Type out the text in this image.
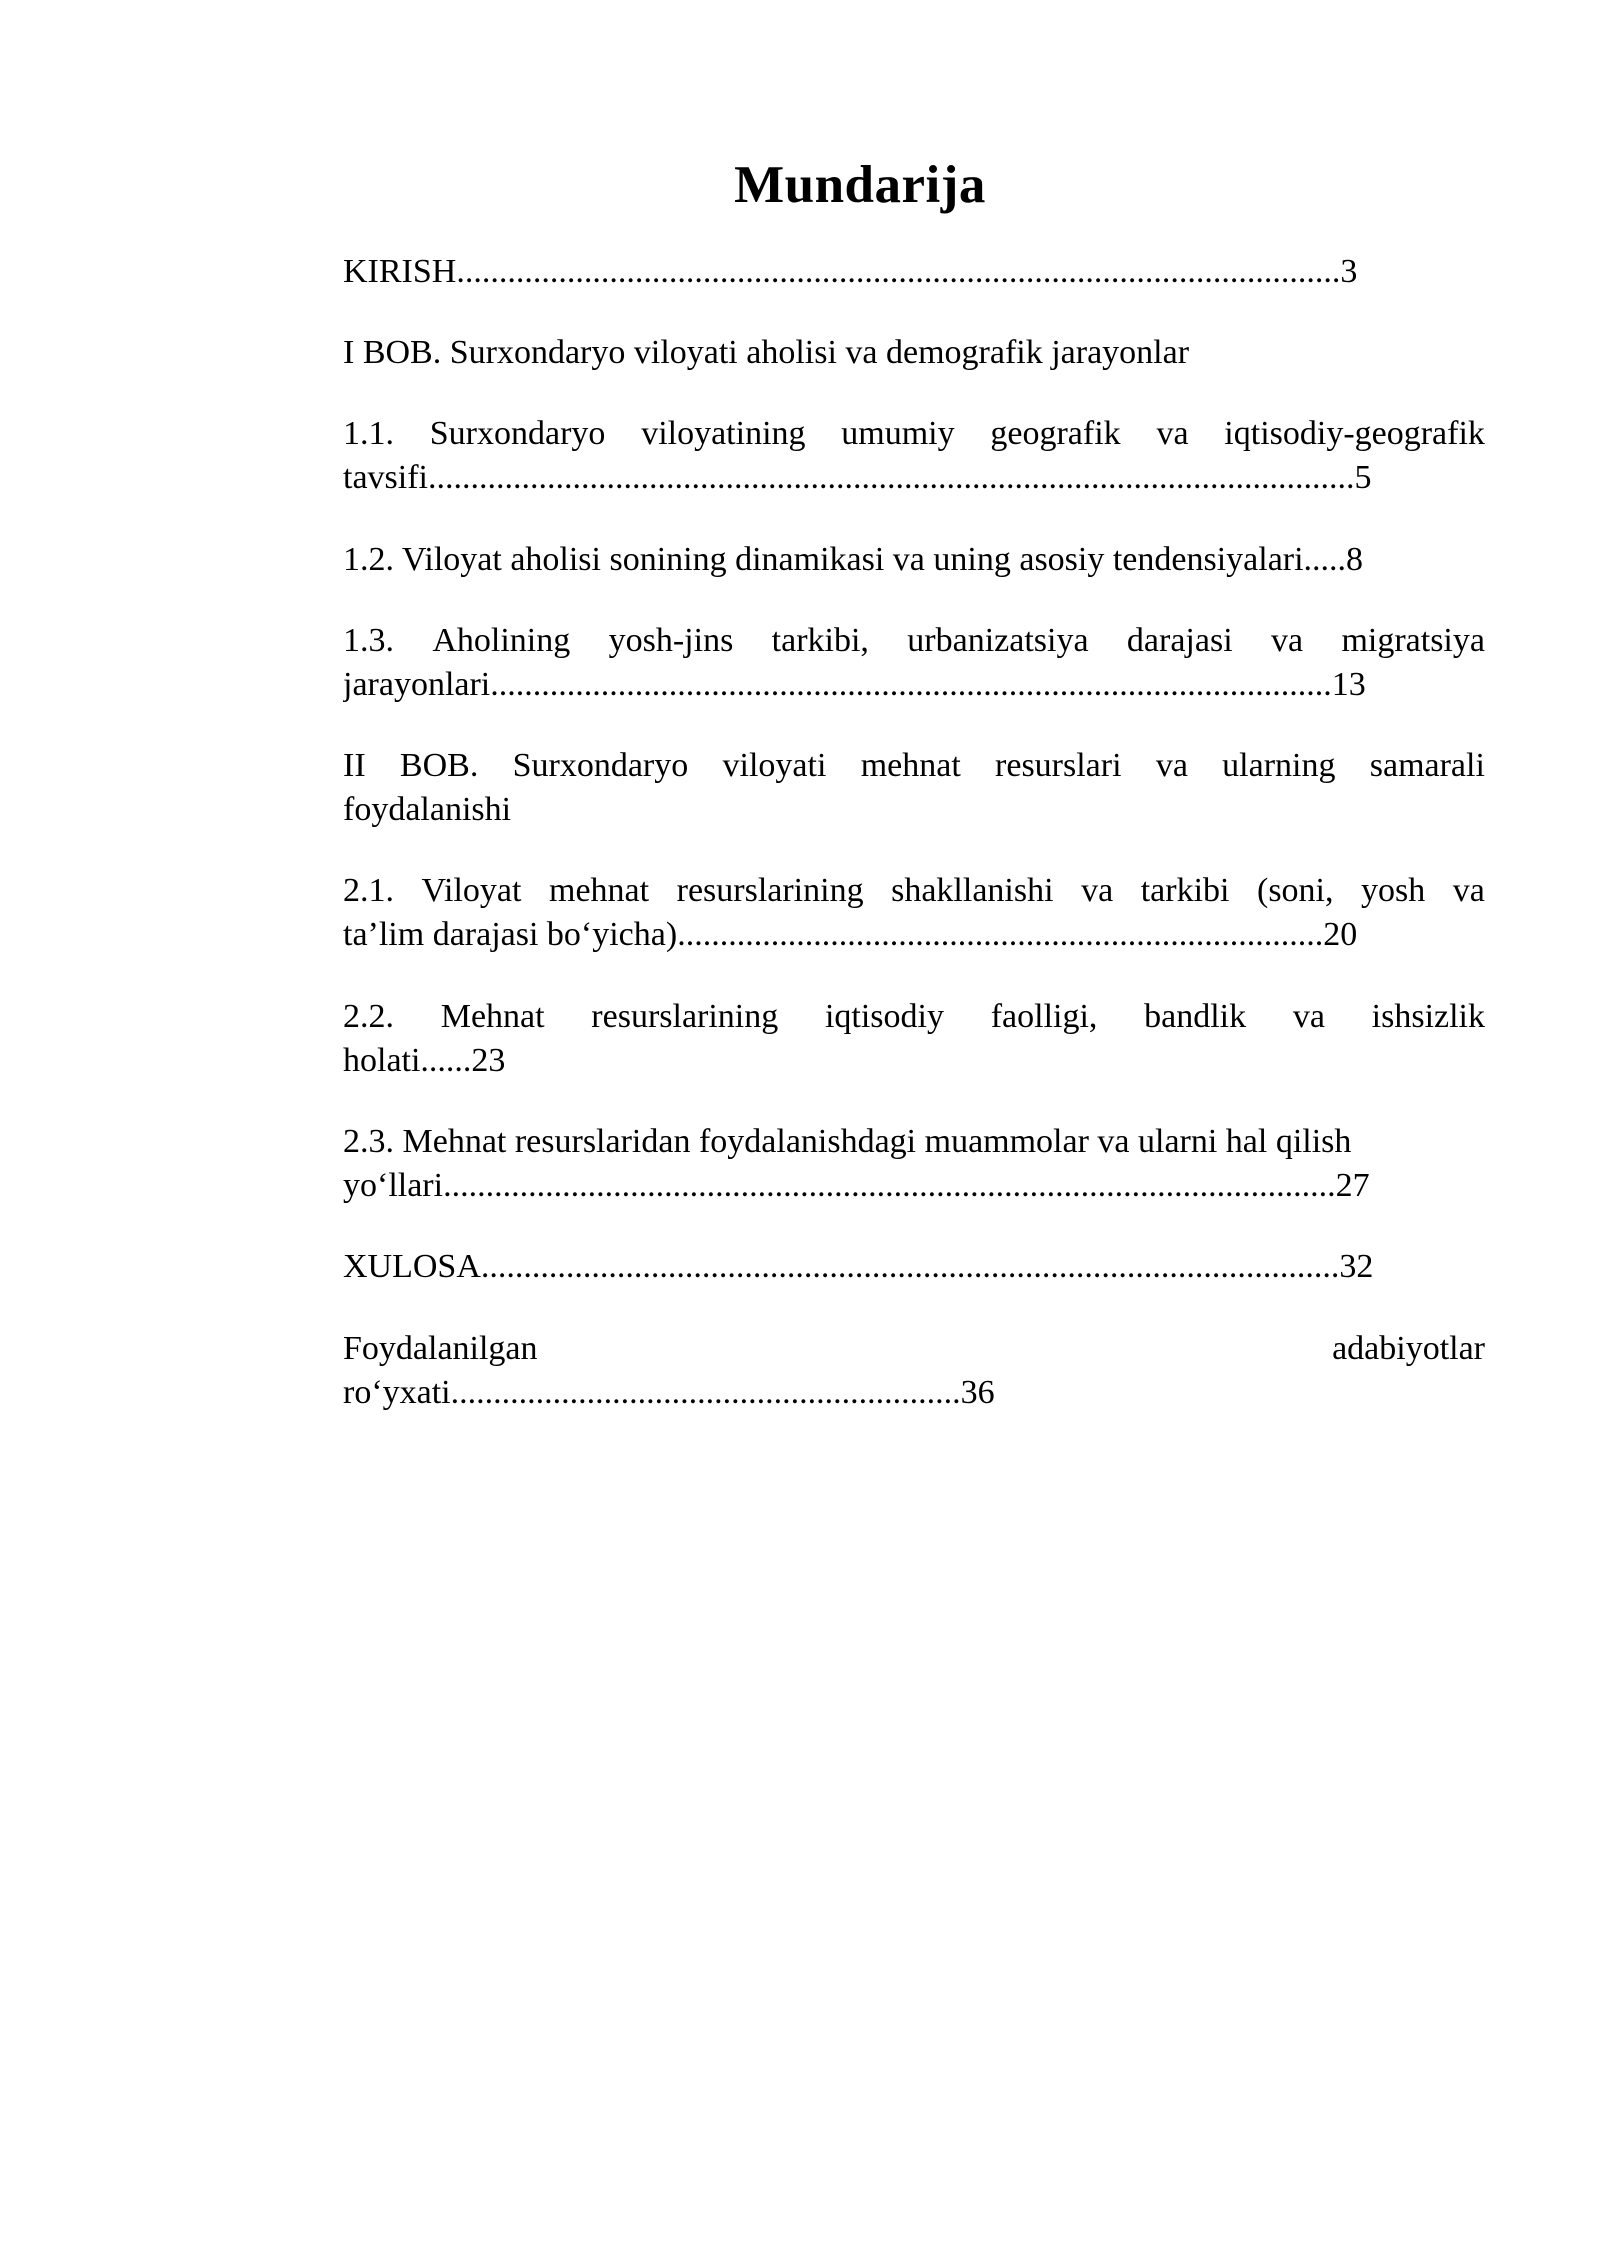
Mundarija
KIRISH........................................................................................................3
I BOB. Surxondaryo viloyati aholisi va demografik jarayonlar
1.1. Surxondaryo viloyatining umumiy geografik va iqtisodiy-geografik
tavsifi.............................................................................................................5
1.2. Viloyat aholisi sonining dinamikasi va uning asosiy tendensiyalari.....8
1.3. Aholining yosh-jins tarkibi, urbanizatsiya darajasi va migratsiya
jarayonlari...................................................................................................13
II BOB. Surxondaryo viloyati mehnat resurslari va ularning samarali
foydalanishi
2.1. Viloyat mehnat resurslarining shakllanishi va tarkibi (soni, yosh va
ta’lim darajasi bo‘yicha)............................................................................20
2.2. Mehnat resurslarining iqtisodiy faolligi, bandlik va ishsizlik
holati......23
2.3. Mehnat resurslaridan foydalanishdagi muammolar va ularni hal qilish
yo‘llari.........................................................................................................27
XULOSA.....................................................................................................32
Foydalanilgan	adabiyotlar
ro‘yxati............................................................36
